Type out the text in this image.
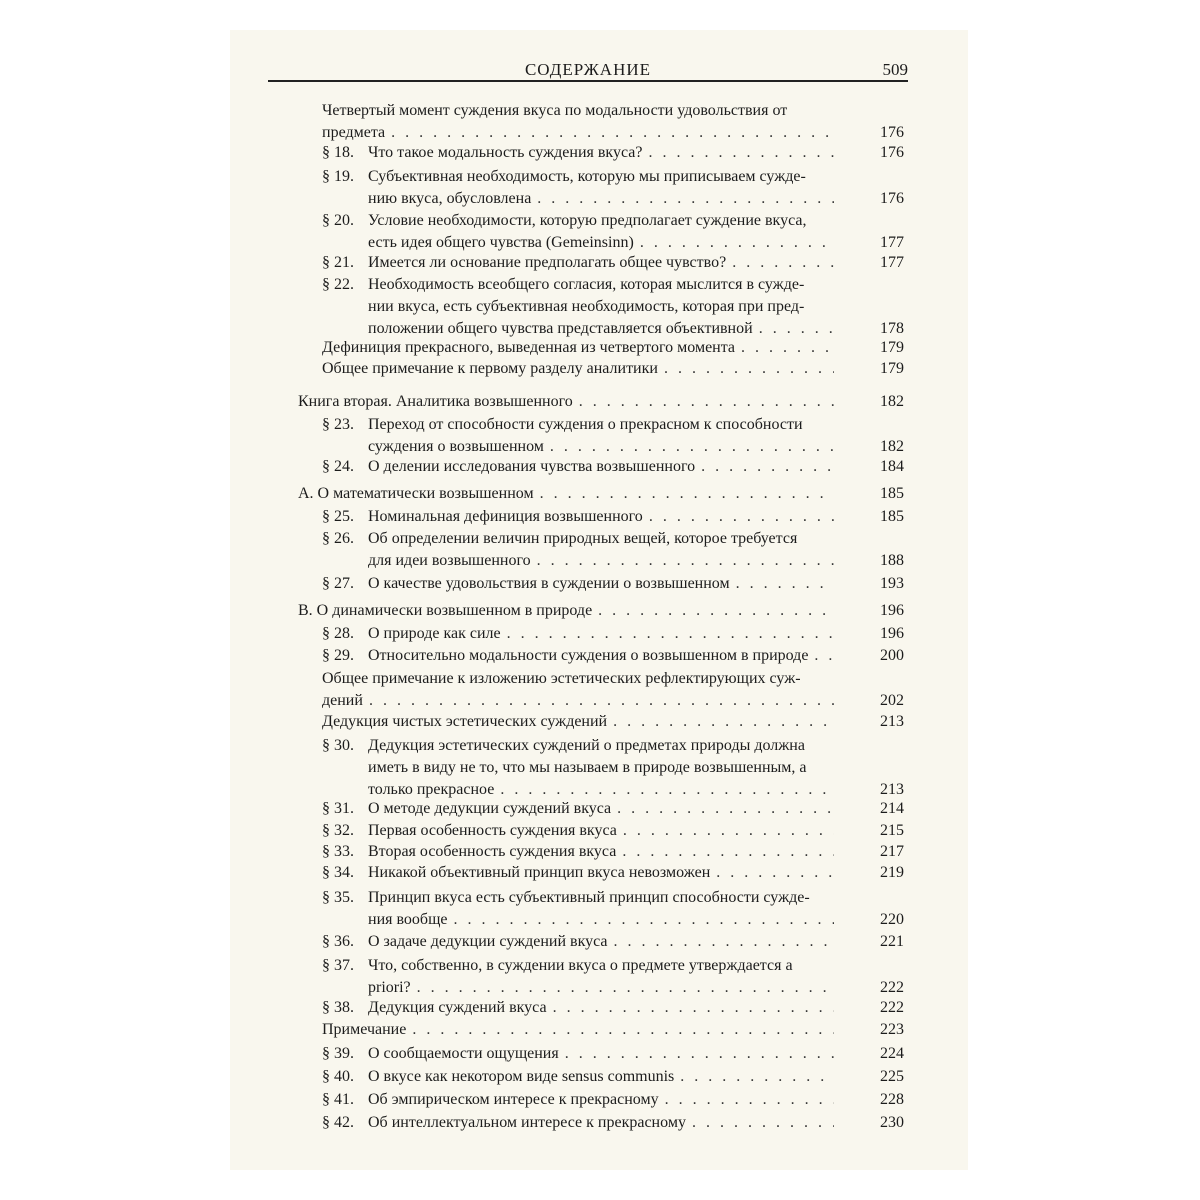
СОДЕРЖАНИЕ	509
Четвертый момент суждения вкуса по модальности удовольствия от
предмета . . .	176
§ 18. Что такое модальность суждения вкуса? . . .	176
§ 19. Субъективная необходимость, которую мы приписываем сужде-
нию вкуса, обусловлена . . .	176
§ 20. Условие необходимости, которую предполагает суждение вкуса,
есть идея общего чувства (Gemeinsinn) . . .	177
§ 21. Имеется ли основание предполагать общее чувство? . . .	177
§ 22. Необходимость всеобщего согласия, которая мыслится в сужде-
нии вкуса, есть субъективная необходимость, которая при пред-
положении общего чувства представляется объективной . . .	178
Дефиниция прекрасного, выведенная из четвертого момента . . .	179
Общее примечание к первому разделу аналитики . . .	179
Книга вторая. Аналитика возвышенного . . .	182
§ 23. Переход от способности суждения о прекрасном к способности
суждения о возвышенном . . .	182
§ 24. О делении исследования чувства возвышенного . . .	184
A. О математически возвышенном . . .	185
§ 25. Номинальная дефиниция возвышенного . . .	185
§ 26. Об определении величин природных вещей, которое требуется
для идеи возвышенного . . .	188
§ 27. О качестве удовольствия в суждении о возвышенном . . .	193
B. О динамически возвышенном в природе . . .	196
§ 28. О природе как силе . . .	196
§ 29. Относительно модальности суждения о возвышенном в природе . . .	200
Общее примечание к изложению эстетических рефлектирующих суж-
дений . . .	202
Дедукция чистых эстетических суждений . . .	213
§ 30. Дедукция эстетических суждений о предметах природы должна
иметь в виду не то, что мы называем в природе возвышенным, а
только прекрасное . . .	213
§ 31. О методе дедукции суждений вкуса . . .	214
§ 32. Первая особенность суждения вкуса . . .	215
§ 33. Вторая особенность суждения вкуса . . .	217
§ 34. Никакой объективный принцип вкуса невозможен . . .	219
§ 35. Принцип вкуса есть субъективный принцип способности сужде-
ния вообще . . .	220
§ 36. О задаче дедукции суждений вкуса . . .	221
§ 37. Что, собственно, в суждении вкуса о предмете утверждается a
priori? . . .	222
§ 38. Дедукция суждений вкуса . . .	222
Примечание . . .	223
§ 39. О сообщаемости ощущения . . .	224
§ 40. О вкусе как некотором виде sensus communis . . .	225
§ 41. Об эмпирическом интересе к прекрасному . . .	228
§ 42. Об интеллектуальном интересе к прекрасному . . .	230
